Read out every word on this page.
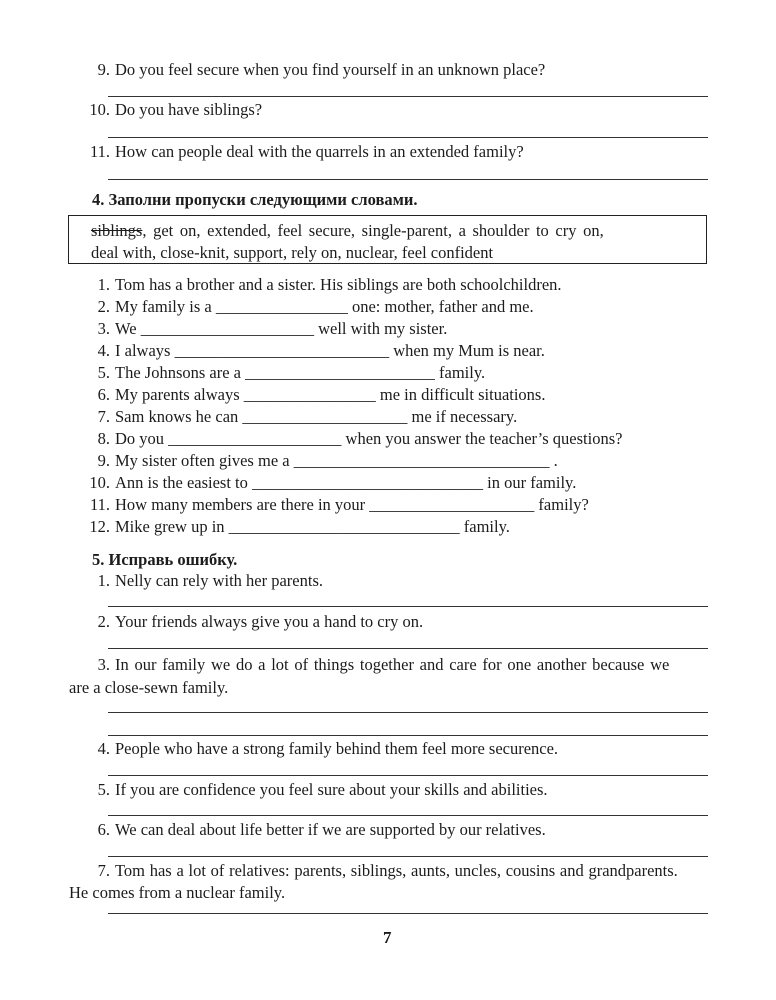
9. Do you feel secure when you find yourself in an unknown place?
10. Do you have siblings?
11. How can people deal with the quarrels in an extended family?
4. Заполни пропуски следующими словами.
siblings, get on, extended, feel secure, single-parent, a shoulder to cry on,
deal with, close-knit, support, rely on, nuclear, feel confident
1. Tom has a brother and a sister. His siblings are both schoolchildren.
2. My family is a ________________ one: mother, father and me.
3. We _____________________ well with my sister.
4. I always __________________________ when my Mum is near.
5. The Johnsons are a _______________________ family.
6. My parents always ________________ me in difficult situations.
7. Sam knows he can ____________________ me if necessary.
8. Do you _____________________ when you answer the teacher’s questions?
9. My sister often gives me a _______________________________ .
10. Ann is the easiest to ____________________________ in our family.
11. How many members are there in your ____________________ family?
12. Mike grew up in ____________________________ family.
5. Исправь ошибку.
1. Nelly can rely with her parents.
2. Your friends always give you a hand to cry on.
3. In our family we do a lot of things together and care for one another because we
are a close-sewn family.
4. People who have a strong family behind them feel more securence.
5. If you are confidence you feel sure about your skills and abilities.
6. We can deal about life better if we are supported by our relatives.
7. Tom has a lot of relatives: parents, siblings, aunts, uncles, cousins and grandparents.
He comes from a nuclear family.
7
